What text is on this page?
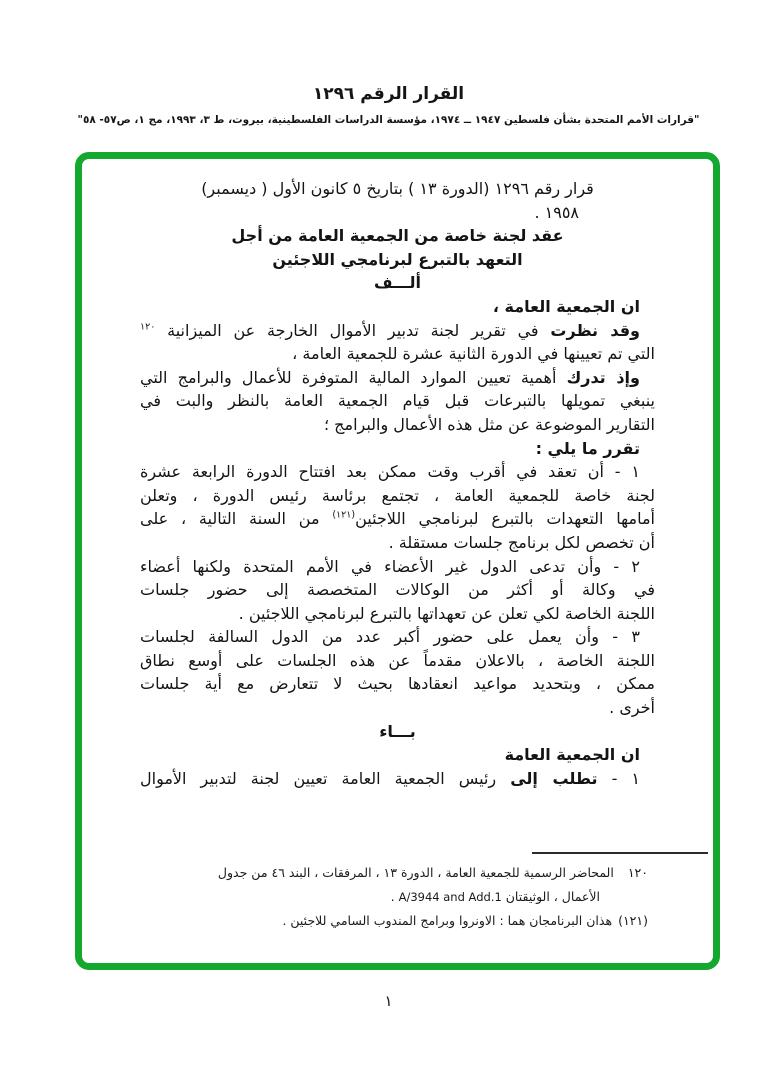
القرار الرقم ١٢٩٦
"قرارات الأمم المتحدة بشأن فلسطين ١٩٤٧ ــ ١٩٧٤، مؤسسة الدراسات الفلسطينية، بيروت، ط ٣، ١٩٩٣، مج ١، ص٥٧- ٥٨"
قرار رقم ١٢٩٦ (الدورة ١٣ ) بتاريخ ٥ كانون الأول ( ديسمبر)
١٩٥٨ .
عقد لجنة خاصة من الجمعية العامة من أجل
التعهد بالتبرع لبرنامجي اللاجئين
ألـــف
ان الجمعية العامة ،
وقد نظرت في تقرير لجنة تدبير الأموال الخارجة عن الميزانية $^{١٢٠}$
التي تم تعيينها في الدورة الثانية عشرة للجمعية العامة ،
وإذ تدرك أهمية تعيين الموارد المالية المتوفرة للأعمال والبرامج التي
ينبغي تمويلها بالتبرعات قبل قيام الجمعية العامة بالنظر والبت في
التقارير الموضوعة عن مثل هذه الأعمال والبرامج ؛
تقرر ما يلي :
١ - أن تعقد في أقرب وقت ممكن بعد افتتاح الدورة الرابعة عشرة
لجنة خاصة للجمعية العامة ، تجتمع برئاسة رئيس الدورة ، وتعلن
أمامها التعهدات بالتبرع لبرنامجي اللاجئين$^{(١٢١)}$ من السنة التالية ، على
أن تخصص لكل برنامج جلسات مستقلة .
٢ - وأن تدعى الدول غير الأعضاء في الأمم المتحدة ولكنها أعضاء
في وكالة أو أكثر من الوكالات المتخصصة إلى حضور جلسات
اللجنة الخاصة لكي تعلن عن تعهداتها بالتبرع لبرنامجي اللاجئين .
٣ - وأن يعمل على حضور أكبر عدد من الدول السالفة لجلسات
اللجنة الخاصة ، بالاعلان مقدماً عن هذه الجلسات على أوسع نطاق
ممكن ، وبتحديد مواعيد انعقادها بحيث لا تتعارض مع أية جلسات
أخرى .
بـــاء
ان الجمعية العامة
١ - تطلب إلى رئيس الجمعية العامة تعيين لجنة لتدبير الأموال
١٢٠المحاضر الرسمية للجمعية العامة ، الدورة ١٣ ، المرفقات ، البند ٤٦ من جدول
الأعمال ، الوثيقتان A/3944 and Add.1 .
(١٢١)هذان البرنامجان هما : الاونروا وبرامج المندوب السامي للاجئين .
١
